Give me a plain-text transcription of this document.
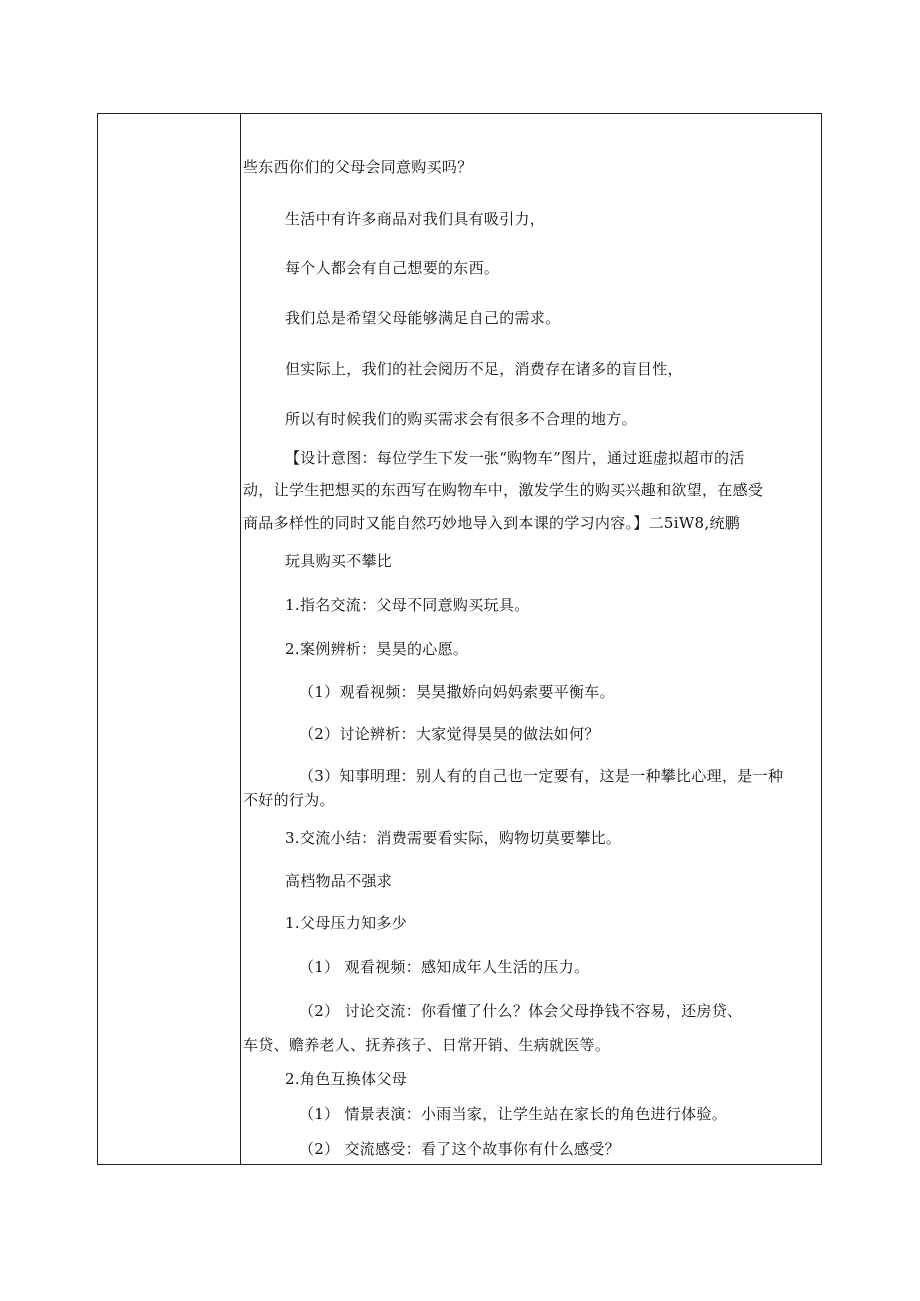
些东西你们的父母会同意购买吗？
生活中有许多商品对我们具有吸引力，
每个人都会有自己想要的东西。
我们总是希望父母能够满足自己的需求。
但实际上，我们的社会阅历不足，消费存在诸多的盲目性，
所以有时候我们的购买需求会有很多不合理的地方。
【设计意图：每位学生下发一张“购物车”图片，通过逛虚拟超市的活
动，让学生把想买的东西写在购物车中，激发学生的购买兴趣和欲望，在感受
商品多样性的同时又能自然巧妙地导入到本课的学习内容。】二5iW8,统鹏
玩具购买不攀比
1.指名交流：父母不同意购买玩具。
2.案例辨析：昊昊的心愿。
（1）观看视频：昊昊撒娇向妈妈索要平衡车。
（2）讨论辨析：大家觉得昊昊的做法如何？
（3）知事明理：别人有的自己也一定要有，这是一种攀比心理，是一种
不好的行为。
3.交流小结：消费需要看实际，购物切莫要攀比。
高档物品不强求
1.父母压力知多少
（1） 观看视频：感知成年人生活的压力。
（2） 讨论交流：你看懂了什么？体会父母挣钱不容易，还房贷、
车贷、赡养老人、抚养孩子、日常开销、生病就医等。
2.角色互换体父母
（1） 情景表演：小雨当家，让学生站在家长的角色进行体验。
（2） 交流感受：看了这个故事你有什么感受？
